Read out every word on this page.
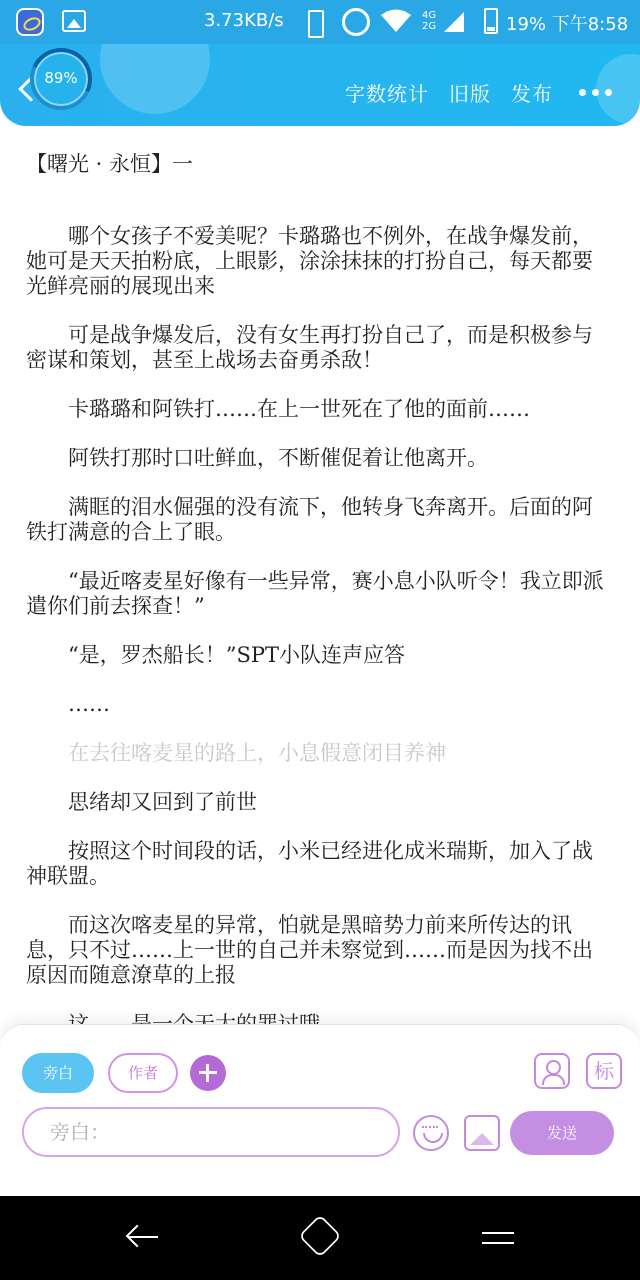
3.73KB/s	4G
2G	19% 下午8:58
89%
字数统计 旧版 发布
【曙光 · 永恒】一

哪个女孩子不爱美呢？卡璐璐也不例外，在战争爆发前，她可是天天拍粉底，上眼影，涂涂抹抹的打扮自己，每天都要光鲜亮丽的展现出来

可是战争爆发后，没有女生再打扮自己了，而是积极参与密谋和策划，甚至上战场去奋勇杀敌！

卡璐璐和阿铁打……在上一世死在了他的面前……

阿铁打那时口吐鲜血，不断催促着让他离开。

满眶的泪水倔强的没有流下，他转身飞奔离开。后面的阿铁打满意的合上了眼。

“最近喀麦星好像有一些异常，赛小息小队听令！我立即派遣你们前去探查！”

“是，罗杰船长！”SPT小队连声应答

……

在去往喀麦星的路上，小息假意闭目养神

思绪却又回到了前世

按照这个时间段的话，小米已经进化成米瑞斯，加入了战神联盟。

而这次喀麦星的异常，怕就是黑暗势力前来所传达的讯息，只不过……上一世的自己并未察觉到……而是因为找不出原因而随意潦草的上报

旁白	作者	标
旁白：
发送
